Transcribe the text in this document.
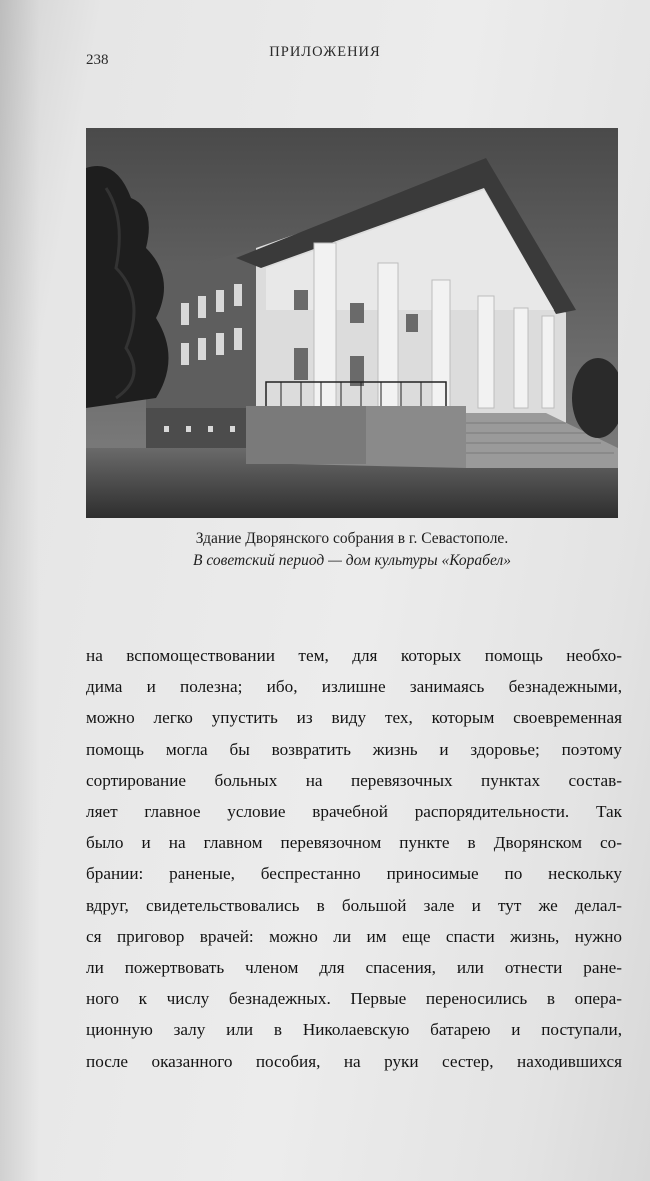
238	ПРИЛОЖЕНИЯ
Здание Дворянского собрания в г. Севастополе.
В советский период — дом культуры «Корабел»
на вспомоществовании тем, для которых помощь необхо-
дима и полезна; ибо, излишне занимаясь безнадежными,
можно легко упустить из виду тех, которым своевременная
помощь могла бы возвратить жизнь и здоровье; поэтому
сортирование больных на перевязочных пунктах состав-
ляет главное условие врачебной распорядительности. Так
было и на главном перевязочном пункте в Дворянском со-
брании: раненые, беспрестанно приносимые по нескольку
вдруг, свидетельствовались в большой зале и тут же делал-
ся приговор врачей: можно ли им еще спасти жизнь, нужно
ли пожертвовать членом для спасения, или отнести ране-
ного к числу безнадежных. Первые переносились в опера-
ционную залу или в Николаевскую батарею и поступали,
после оказанного пособия, на руки сестер, находившихся
